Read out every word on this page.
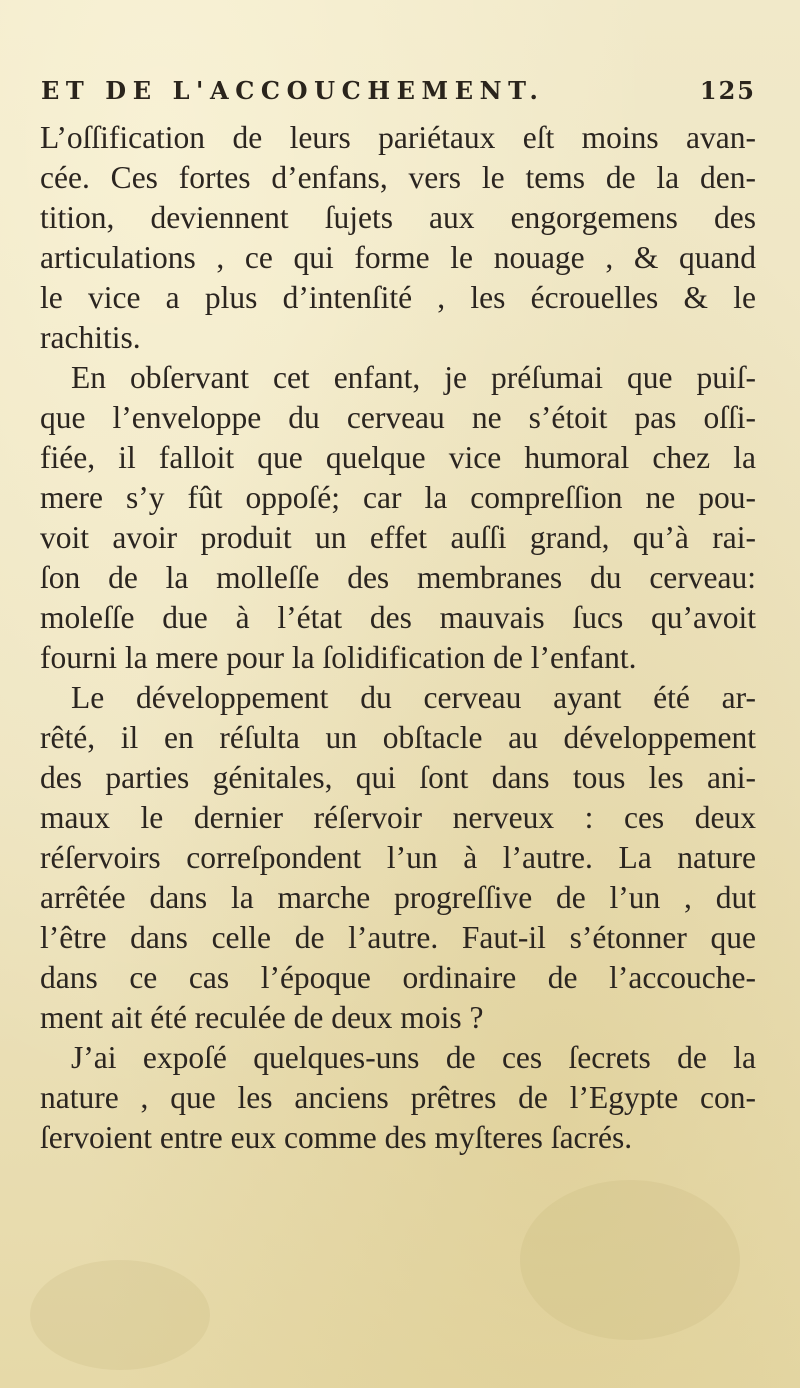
ET DE L'ACCOUCHEMENT.	125
L’oſſification de leurs pariétaux eſt moins avan-
cée. Ces fortes d’enfans, vers le tems de la den-
tition, deviennent ſujets aux engorgemens des
articulations , ce qui forme le nouage , & quand
le vice a plus d’intenſité , les écrouelles & le
rachitis.
En obſervant cet enfant, je préſumai que puiſ-
que l’enveloppe du cerveau ne s’étoit pas oſſi-
fiée, il falloit que quelque vice humoral chez la
mere s’y fût oppoſé; car la compreſſion ne pou-
voit avoir produit un effet auſſi grand, qu’à rai-
ſon de la molleſſe des membranes du cerveau:
moleſſe due à l’état des mauvais ſucs qu’avoit
fourni la mere pour la ſolidification de l’enfant.
Le développement du cerveau ayant été ar-
rêté, il en réſulta un obſtacle au développement
des parties génitales, qui ſont dans tous les ani-
maux le dernier réſervoir nerveux : ces deux
réſervoirs correſpondent l’un à l’autre. La nature
arrêtée dans la marche progreſſive de l’un , dut
l’être dans celle de l’autre. Faut-il s’étonner que
dans ce cas l’époque ordinaire de l’accouche-
ment ait été reculée de deux mois ?
J’ai expoſé quelques-uns de ces ſecrets de la
nature , que les anciens prêtres de l’Egypte con-
ſervoient entre eux comme des myſteres ſacrés.
